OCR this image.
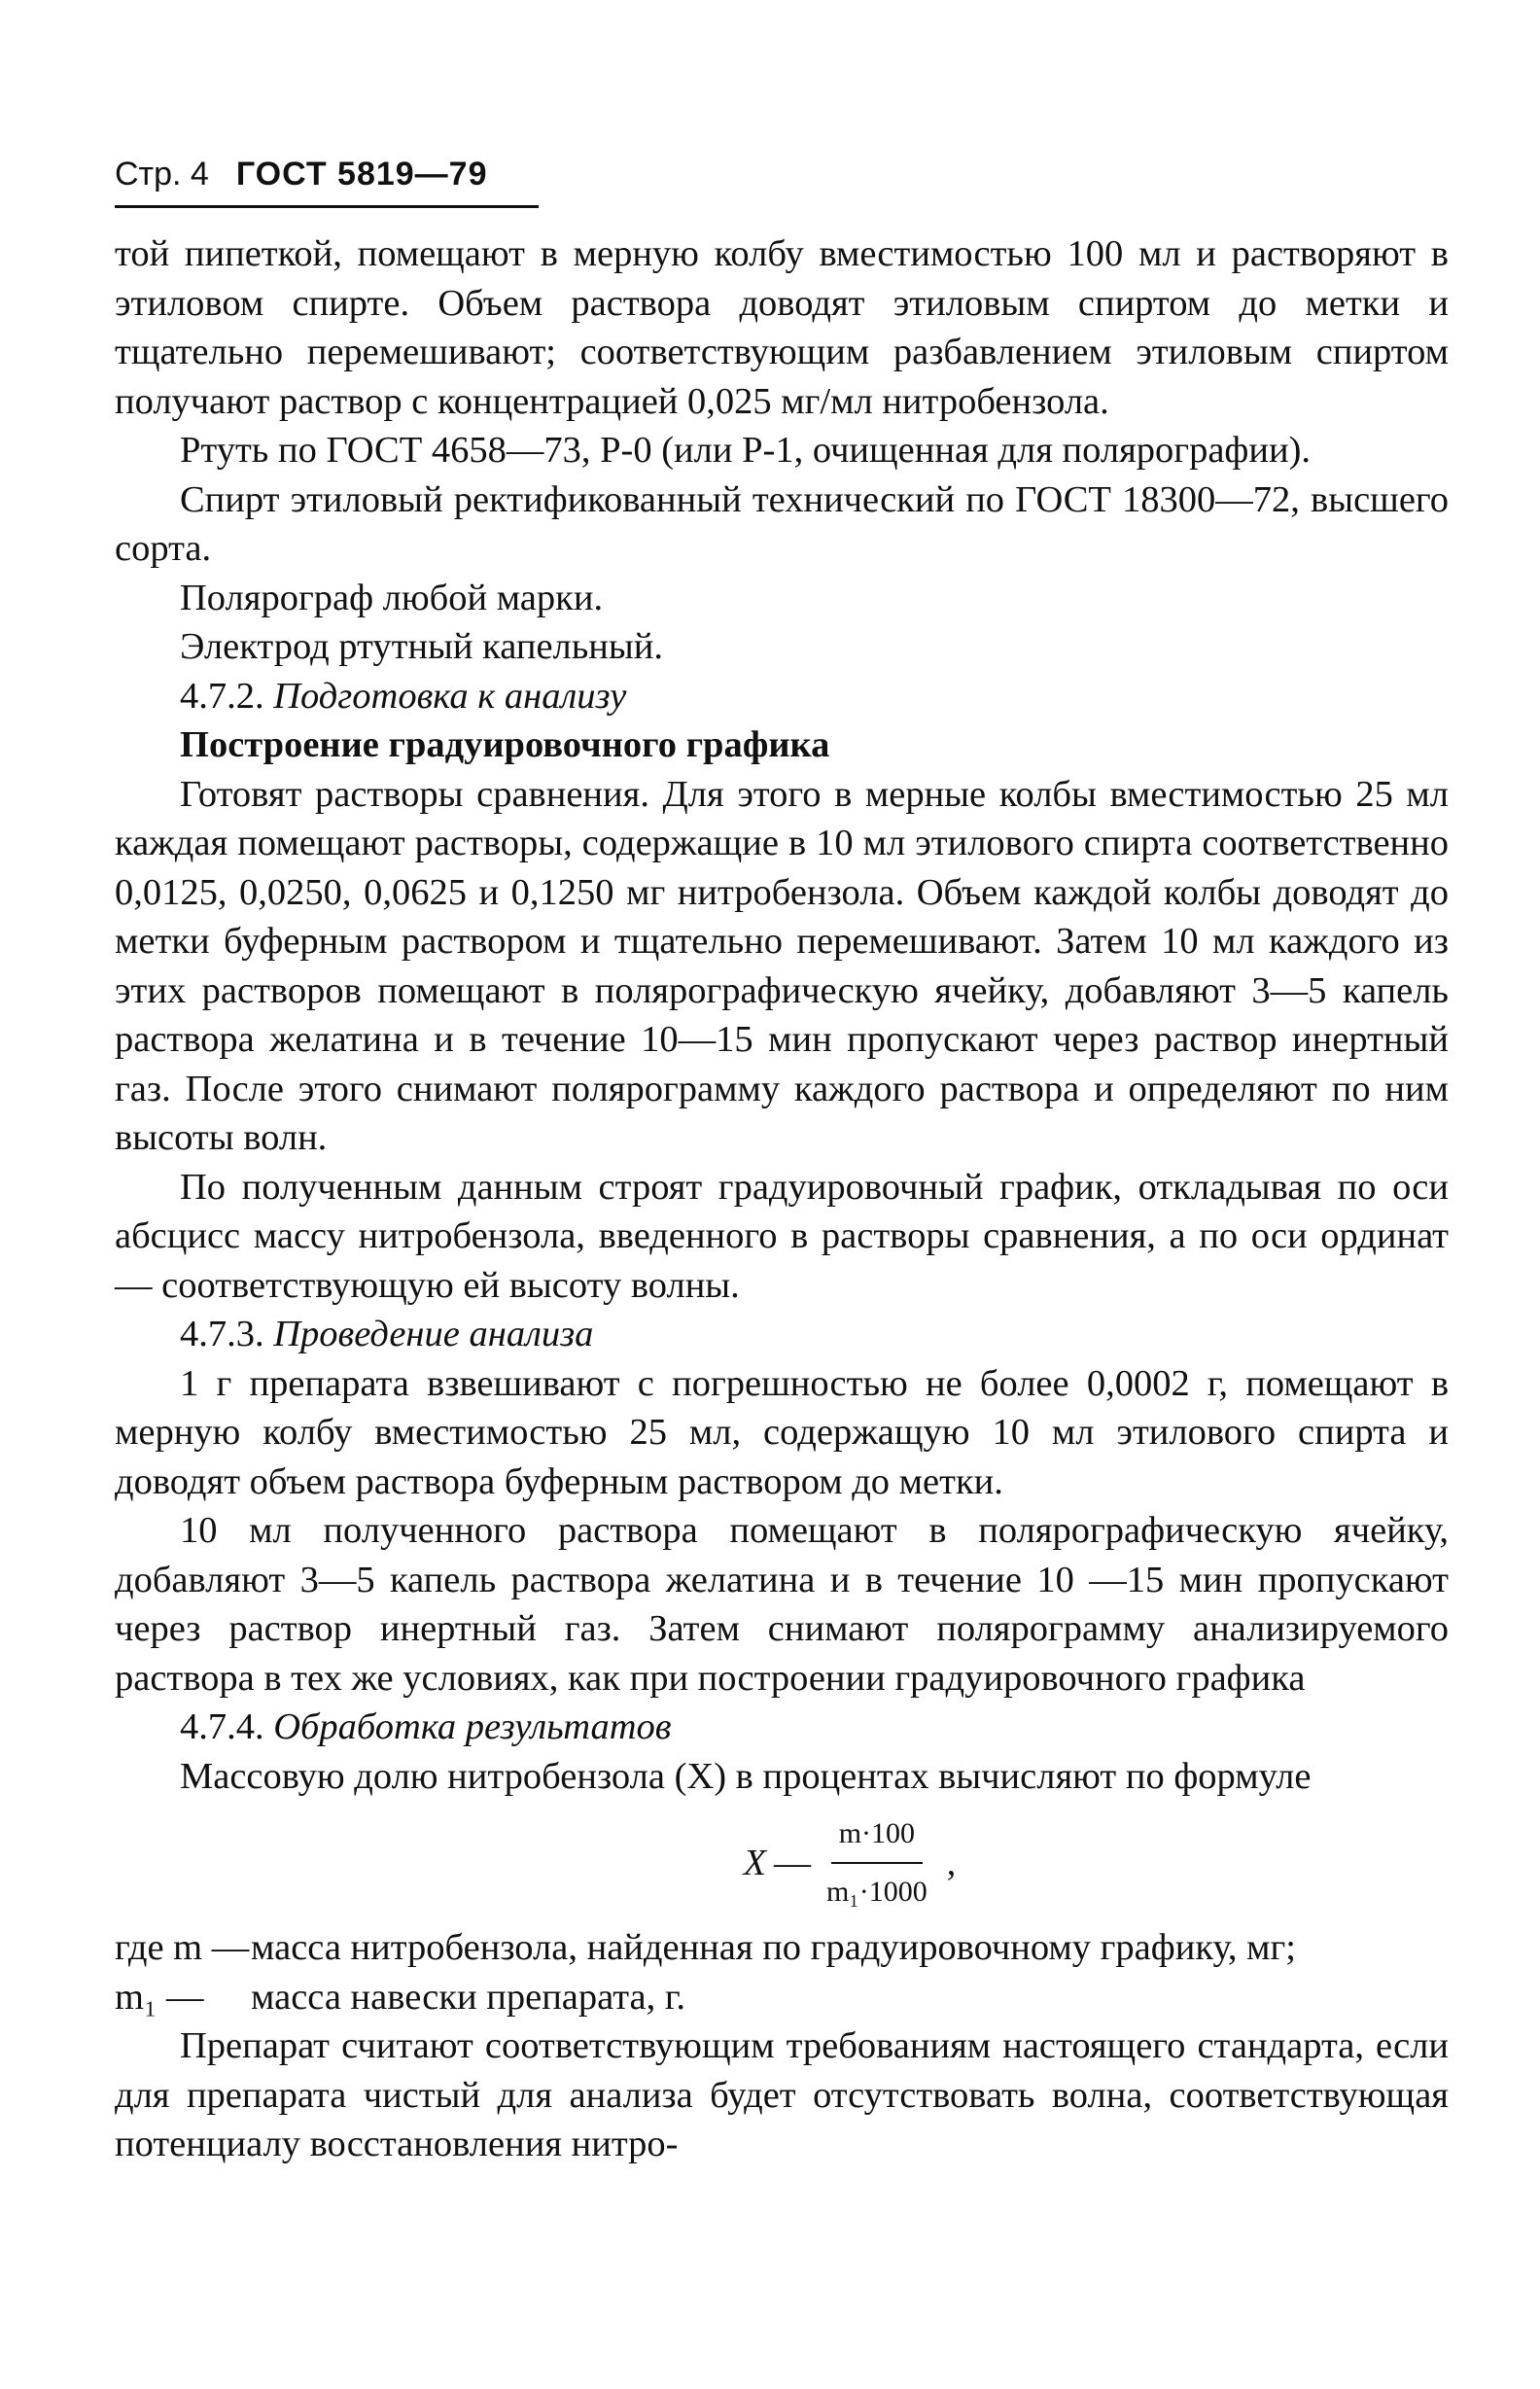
Стр. 4 ГОСТ 5819—79

той пипеткой, помещают в мерную колбу вместимостью 100 мл и растворяют в этиловом спирте. Объем раствора доводят этиловым спиртом до метки и тщательно перемешивают; соответствующим разбавлением этиловым спиртом получают раствор с концентрацией 0,025 мг/мл нитробензола.

Ртуть по ГОСТ 4658—73, Р-0 (или Р-1, очищенная для полярографии).

Спирт этиловый ректификованный технический по ГОСТ 18300—72, высшего сорта.

Полярограф любой марки.

Электрод ртутный капельный.

4.7.2. Подготовка к анализу

Построение градуировочного графика

Готовят растворы сравнения. Для этого в мерные колбы вместимостью 25 мл каждая помещают растворы, содержащие в 10 мл этилового спирта соответственно 0,0125, 0,0250, 0,0625 и 0,1250 мг нитробензола. Объем каждой колбы доводят до метки буферным раствором и тщательно перемешивают. Затем 10 мл каждого из этих растворов помещают в полярографическую ячейку, добавляют 3—5 капель раствора желатина и в течение 10—15 мин пропускают через раствор инертный газ. После этого снимают полярограмму каждого раствора и определяют по ним высоты волн.

По полученным данным строят градуировочный график, откладывая по оси абсцисс массу нитробензола, введенного в растворы сравнения, а по оси ординат — соответствующую ей высоту волны.

4.7.3. Проведение анализа

1 г препарата взвешивают с погрешностью не более 0,0002 г, помещают в мерную колбу вместимостью 25 мл, содержащую 10 мл этилового спирта и доводят объем раствора буферным раствором до метки.

10 мл полученного раствора помещают в полярографическую ячейку, добавляют 3—5 капель раствора желатина и в течение 10 —15 мин пропускают через раствор инертный газ. Затем снимают полярограмму анализируемого раствора в тех же условиях, как при построении градуировочного графика

4.7.4. Обработка результатов

Массовую долю нитробензола (X) в процентах вычисляют по формуле

X — $\frac{m\cdot 100}{\text{m₁·1000}}$ ,
где m — масса нитробензола, найденная по градуировочному графику, мг;
m₁ —	масса навески препарата, г.

Препарат считают соответствующим требованиям настоящего стандарта, если для препарата чистый для анализа будет отсутствовать волна, соответствующая потенциалу восстановления нитро-
